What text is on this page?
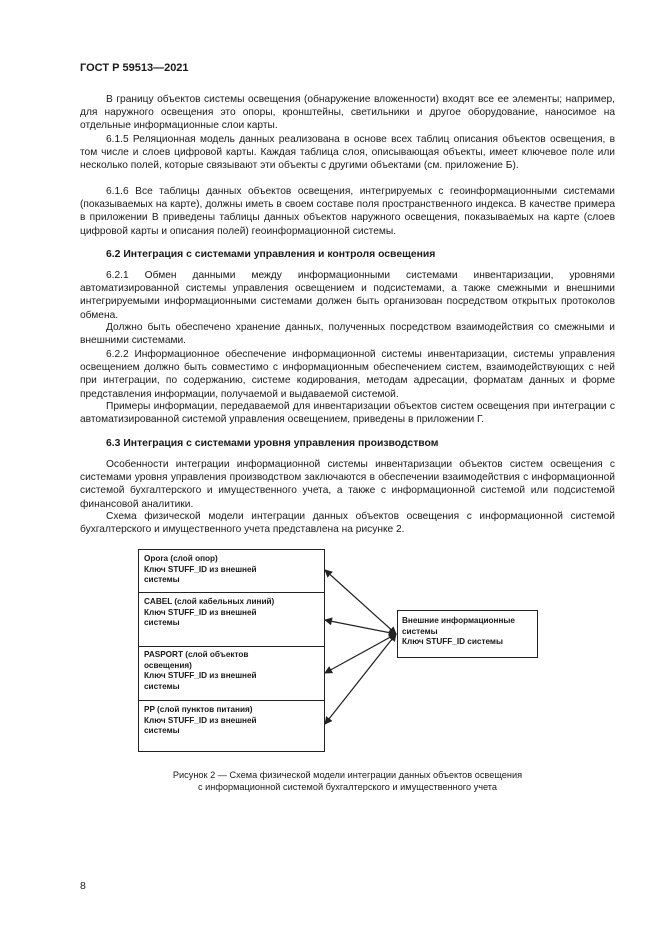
ГОСТ Р 59513—2021

В границу объектов системы освещения (обнаружение вложенности) входят все ее элементы; например, для наружного освещения это опоры, кронштейны, светильники и другое оборудование, наносимое на отдельные информационные слои карты.

6.1.5 Реляционная модель данных реализована в основе всех таблиц описания объектов освещения, в том числе и слоев цифровой карты. Каждая таблица слоя, описывающая объекты, имеет ключевое поле или несколько полей, которые связывают эти объекты с другими объектами (см. приложение Б).

6.1.6 Все таблицы данных объектов освещения, интегрируемых с геоинформационными системами (показываемых на карте), должны иметь в своем составе поля пространственного индекса. В качестве примера в приложении В приведены таблицы данных объектов наружного освещения, показываемых на карте (слоев цифровой карты и описания полей) геоинформационной системы.

6.2 Интеграция с системами управления и контроля освещения

6.2.1 Обмен данными между информационными системами инвентаризации, уровнями автоматизированной системы управления освещением и подсистемами, а также смежными и внешними интегрируемыми информационными системами должен быть организован посредством открытых протоколов обмена.

Должно быть обеспечено хранение данных, полученных посредством взаимодействия со смежными и внешними системами.

6.2.2 Информационное обеспечение информационной системы инвентаризации, системы управления освещением должно быть совместимо с информационным обеспечением систем, взаимодействующих с ней при интеграции, по содержанию, системе кодирования, методам адресации, форматам данных и форме представления информации, получаемой и выдаваемой системой.

Примеры информации, передаваемой для инвентаризации объектов систем освещения при интеграции с автоматизированной системой управления освещением, приведены в приложении Г.

6.3 Интеграция с системами уровня управления производством

Особенности интеграции информационной системы инвентаризации объектов систем освещения с системами уровня управления производством заключаются в обеспечении взаимодействия с информационной системой бухгалтерского и имущественного учета, а также с информационной системой или подсистемой финансовой аналитики.

Схема физической модели интеграции данных объектов освещения с информационной системой бухгалтерского и имущественного учета представлена на рисунке 2.

Opora (слой опор)
Ключ STUFF_ID из внешней
системы
CABEL (слой кабельных линий)
Ключ STUFF_ID из внешней
системы
PASPORT (слой объектов
освещения)
Ключ STUFF_ID из внешней
системы
PP (слой пунктов питания)
Ключ STUFF_ID из внешней
системы
Внешние информационные
системы
Ключ STUFF_ID системы
Рисунок 2 — Схема физической модели интеграции данных объектов освещения
с информационной системой бухгалтерского и имущественного учета
8
